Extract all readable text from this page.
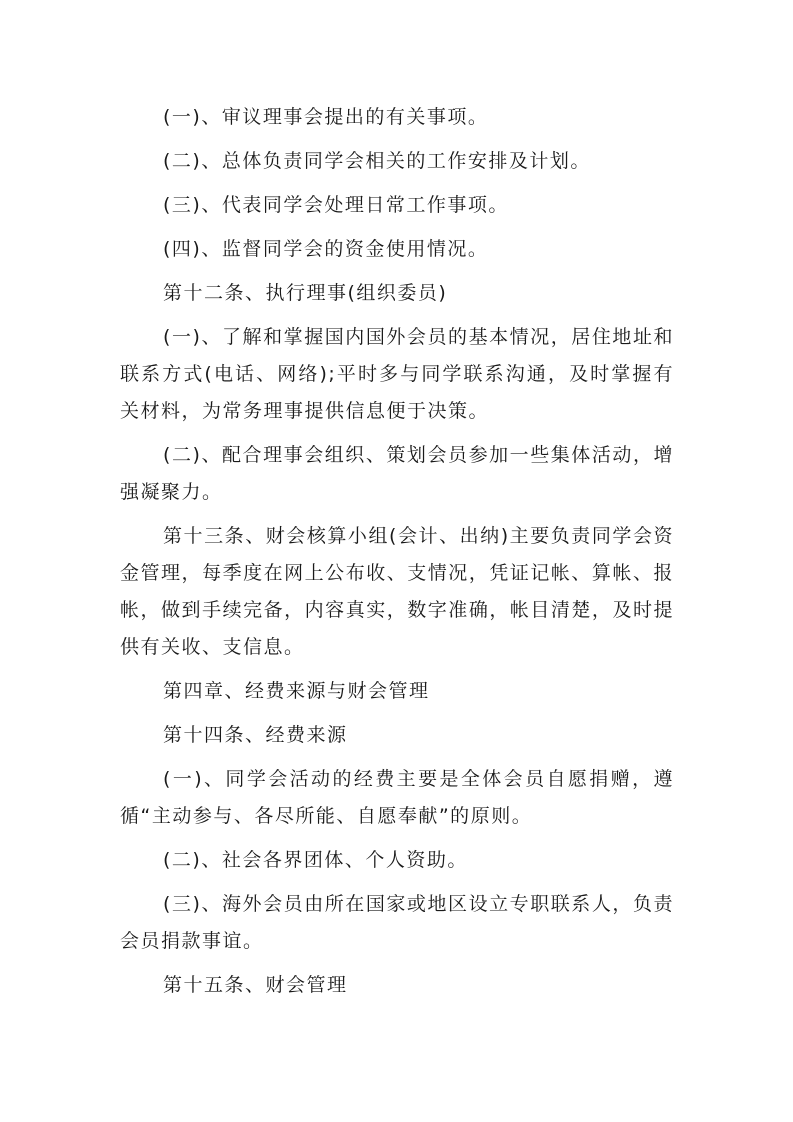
(一)、审议理事会提出的有关事项。

(二)、总体负责同学会相关的工作安排及计划。

(三)、代表同学会处理日常工作事项。

(四)、监督同学会的资金使用情况。

第十二条、执行理事(组织委员)

(一)、了解和掌握国内国外会员的基本情况，居住地址和联系方式(电话、网络);平时多与同学联系沟通，及时掌握有关材料，为常务理事提供信息便于决策。

(二)、配合理事会组织、策划会员参加一些集体活动，增强凝聚力。

第十三条、财会核算小组(会计、出纳)主要负责同学会资金管理，每季度在网上公布收、支情况，凭证记帐、算帐、报帐，做到手续完备，内容真实，数字准确，帐目清楚，及时提供有关收、支信息。

第四章、经费来源与财会管理

第十四条、经费来源

(一)、同学会活动的经费主要是全体会员自愿捐赠，遵循“主动参与、各尽所能、自愿奉献”的原则。

(二)、社会各界团体、个人资助。

(三)、海外会员由所在国家或地区设立专职联系人，负责会员捐款事谊。

第十五条、财会管理
